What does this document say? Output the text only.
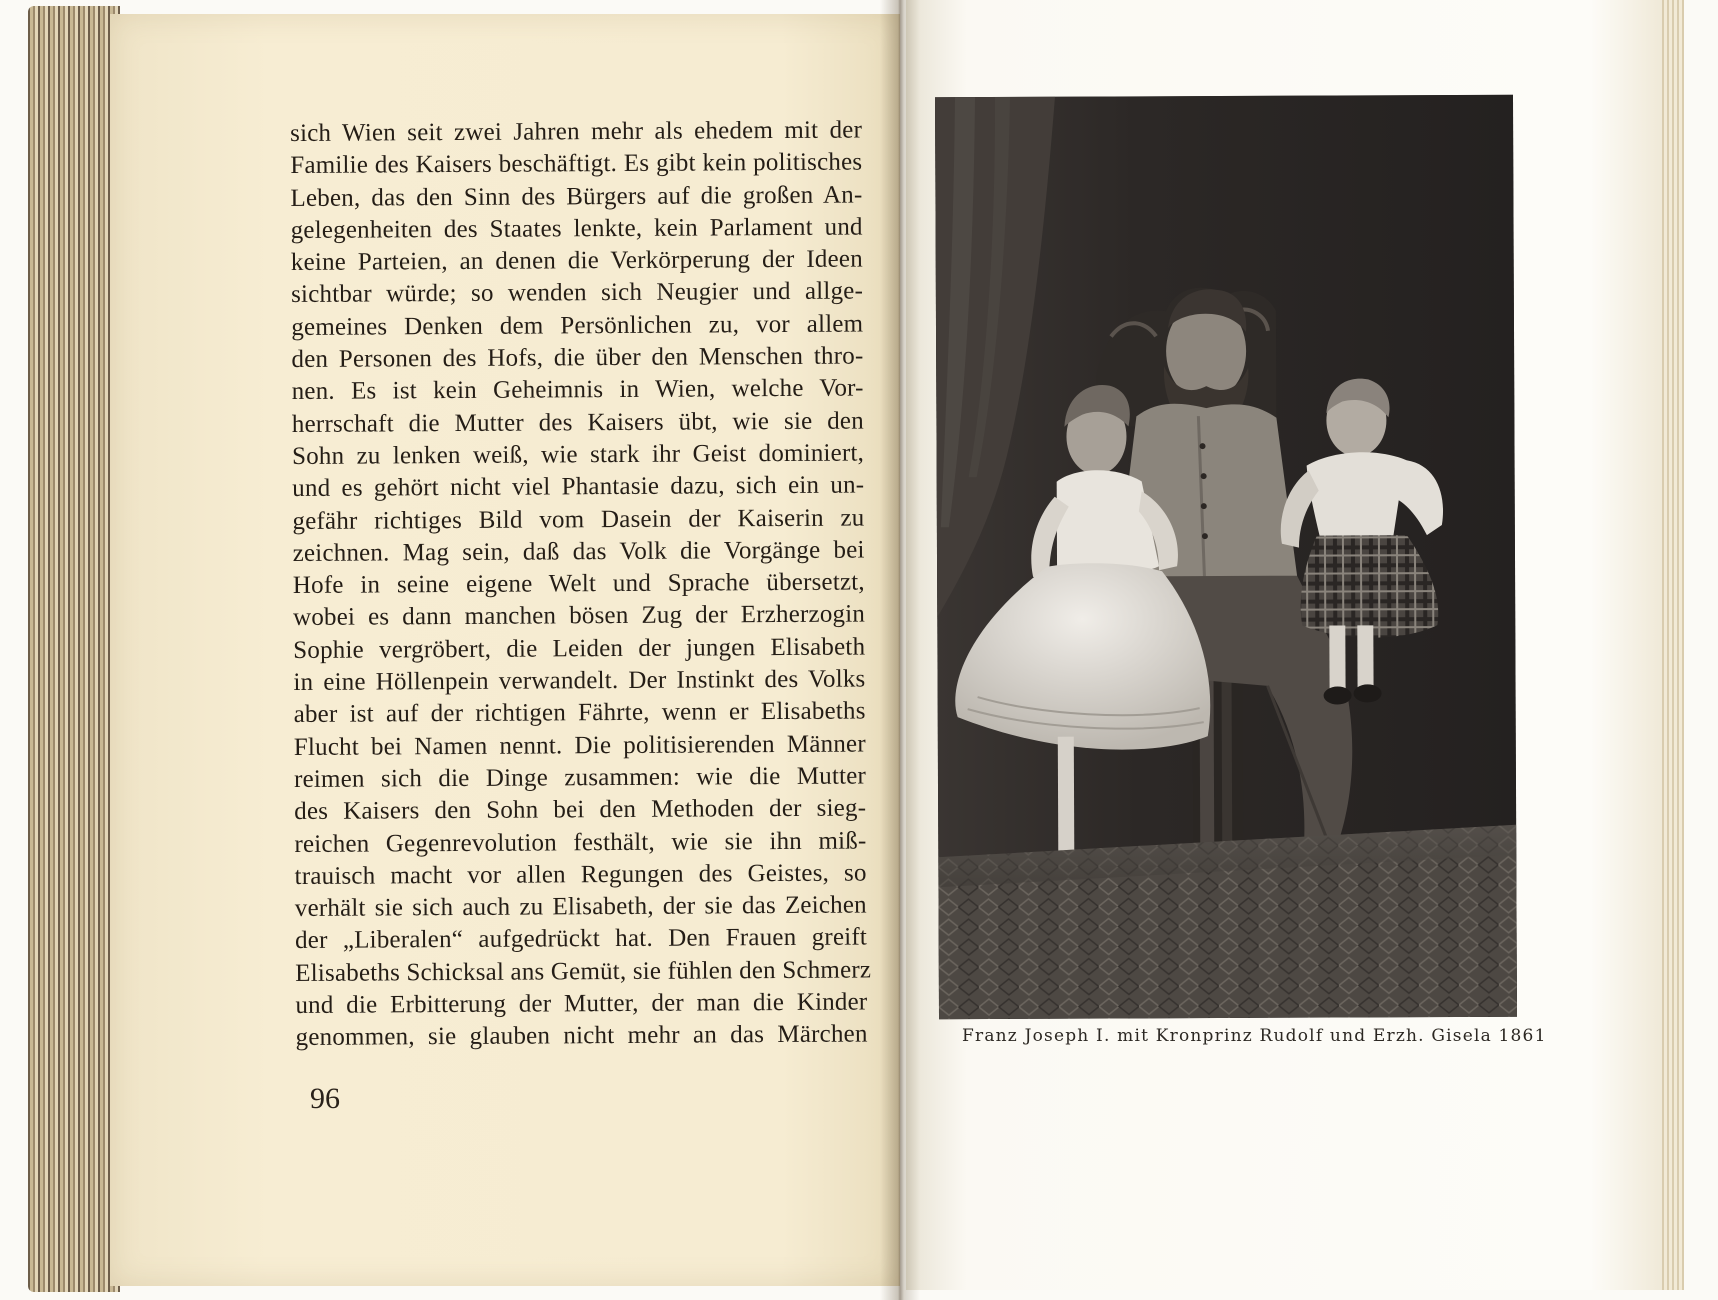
sich Wien seit zwei Jahren mehr als ehedem mit der
Familie des Kaisers beschäftigt. Es gibt kein politisches
Leben, das den Sinn des Bürgers auf die großen An-
gelegenheiten des Staates lenkte, kein Parlament und
keine Parteien, an denen die Verkörperung der Ideen
sichtbar würde; so wenden sich Neugier und allge-
gemeines Denken dem Persönlichen zu, vor allem
den Personen des Hofs, die über den Menschen thro-
nen. Es ist kein Geheimnis in Wien, welche Vor-
herrschaft die Mutter des Kaisers übt, wie sie den
Sohn zu lenken weiß, wie stark ihr Geist dominiert,
und es gehört nicht viel Phantasie dazu, sich ein un-
gefähr richtiges Bild vom Dasein der Kaiserin zu
zeichnen. Mag sein, daß das Volk die Vorgänge bei
Hofe in seine eigene Welt und Sprache übersetzt,
wobei es dann manchen bösen Zug der Erzherzogin
Sophie vergröbert, die Leiden der jungen Elisabeth
in eine Höllenpein verwandelt. Der Instinkt des Volks
aber ist auf der richtigen Fährte, wenn er Elisabeths
Flucht bei Namen nennt. Die politisierenden Männer
reimen sich die Dinge zusammen: wie die Mutter
des Kaisers den Sohn bei den Methoden der sieg-
reichen Gegenrevolution festhält, wie sie ihn miß-
trauisch macht vor allen Regungen des Geistes, so
verhält sie sich auch zu Elisabeth, der sie das Zeichen
der „Liberalen“ aufgedrückt hat. Den Frauen greift
Elisabeths Schicksal ans Gemüt, sie fühlen den Schmerz
und die Erbitterung der Mutter, der man die Kinder
genommen, sie glauben nicht mehr an das Märchen
96
Franz Joseph I. mit Kronprinz Rudolf und Erzh. Gisela 1861
